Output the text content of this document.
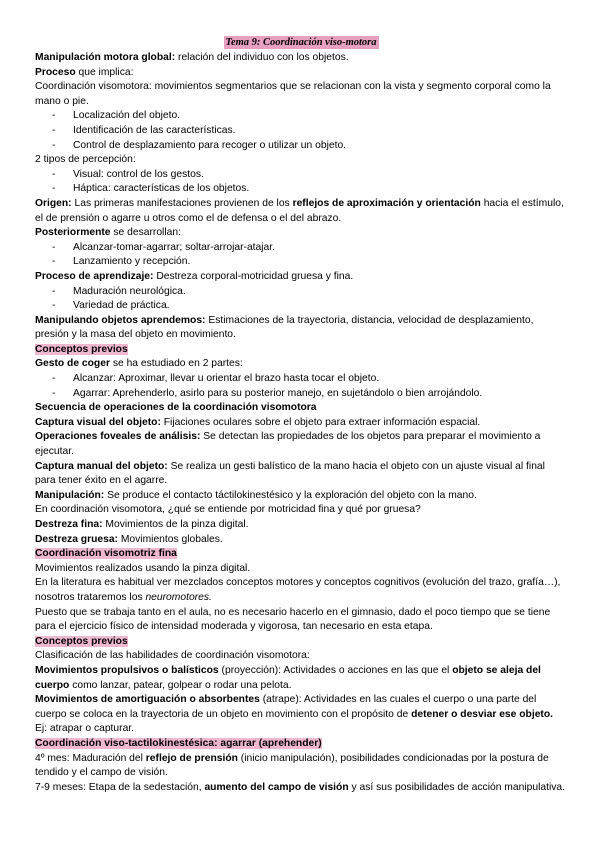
Tema 9: Coordinación viso-motora

Manipulación motora global: relación del individuo con los objetos.

Proceso que implica:

Coordinación visomotora: movimientos segmentarios que se relacionan con la vista y segmento corporal como la mano o pie.

- Localización del objeto.
- Identificación de las características.
- Control de desplazamiento para recoger o utilizar un objeto.

2 tipos de percepción:

- Visual: control de los gestos.
- Háptica: características de los objetos.

Origen: Las primeras manifestaciones provienen de los reflejos de aproximación y orientación hacia el estímulo, el de prensión o agarre u otros como el de defensa o el del abrazo.

Posteriormente se desarrollan:

- Alcanzar-tomar-agarrar; soltar-arrojar-atajar.
- Lanzamiento y recepción.

Proceso de aprendizaje: Destreza corporal-motricidad gruesa y fina.

- Maduración neurológica.
- Variedad de práctica.

Manipulando objetos aprendemos: Estimaciones de la trayectoria, distancia, velocidad de desplazamiento, presión y la masa del objeto en movimiento.

Conceptos previos

Gesto de coger se ha estudiado en 2 partes:

- Alcanzar: Aproximar, llevar u orientar el brazo hasta tocar el objeto.
- Agarrar: Aprehenderlo, asirlo para su posterior manejo, en sujetándolo o bien arrojándolo.

Secuencia de operaciones de la coordinación visomotora

Captura visual del objeto: Fijaciones oculares sobre el objeto para extraer información espacial.

Operaciones foveales de análisis: Se detectan las propiedades de los objetos para preparar el movimiento a ejecutar.

Captura manual del objeto: Se realiza un gesti balístico de la mano hacia el objeto con un ajuste visual al final para tener éxito en el agarre.

Manipulación: Se produce el contacto táctilokinestésico y la exploración del objeto con la mano.

En coordinación visomotora, ¿qué se entiende por motricidad fina y qué por gruesa?

Destreza fina: Movimientos de la pinza digital.

Destreza gruesa: Movimientos globales.

Coordinación visomotriz fina

Movimientos realizados usando la pinza digital.

En la literatura es habitual ver mezclados conceptos motores y conceptos cognitivos (evolución del trazo, grafía…), nosotros trataremos los neuromotores.

Puesto que se trabaja tanto en el aula, no es necesario hacerlo en el gimnasio, dado el poco tiempo que se tiene para el ejercicio físico de intensidad moderada y vigorosa, tan necesario en esta etapa.

Conceptos previos

Clasificación de las habilidades de coordinación visomotora:

Movimientos propulsivos o balísticos (proyección): Actividades o acciones en las que el objeto se aleja del cuerpo como lanzar, patear, golpear o rodar una pelota.

Movimientos de amortiguación o absorbentes (atrape): Actividades en las cuales el cuerpo o una parte del cuerpo se coloca en la trayectoria de un objeto en movimiento con el propósito de detener o desviar ese objeto. Ej: atrapar o capturar.

Coordinación viso-tactilokinestésica: agarrar (aprehender)

4º mes: Maduración del reflejo de prensión (inicio manipulación), posibilidades condicionadas por la postura de tendido y el campo de visión.

7-9 meses: Etapa de la sedestación, aumento del campo de visión y así sus posibilidades de acción manipulativa.
